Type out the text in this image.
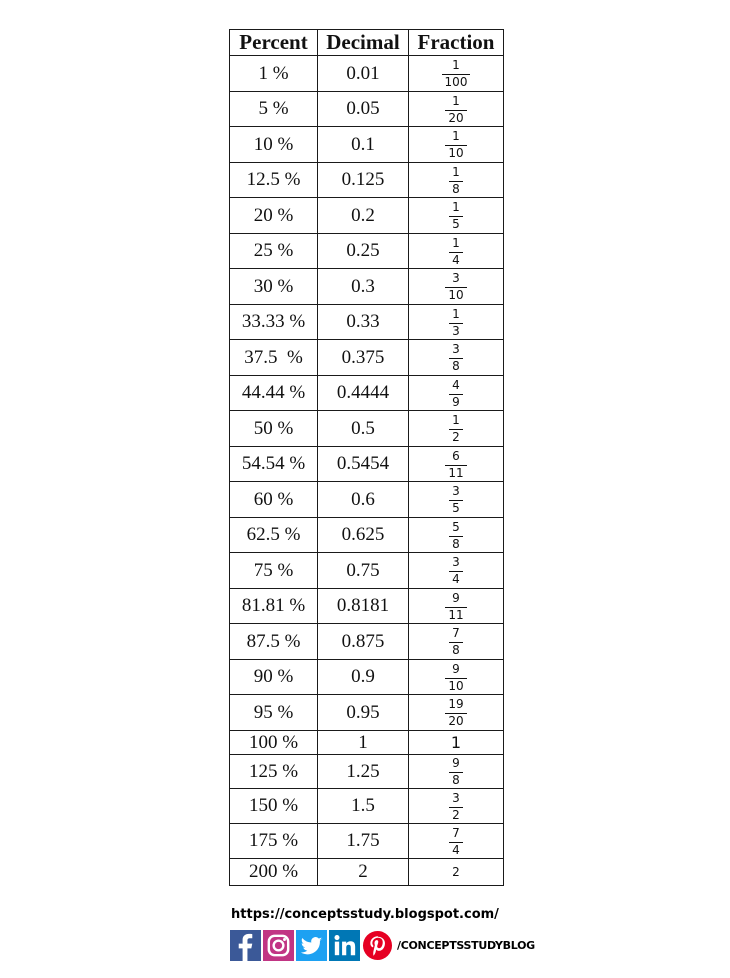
Percent	Decimal	Fraction
1 %	0.01	$\frac{1}{100}$

5 %	0.05	$\frac{1}{20}$

10 %	0.1	$\frac{1}{10}$

12.5 %	0.125	$\frac{1}{8}$

20 %	0.2	$\frac{1}{5}$

25 %	0.25	$\frac{1}{4}$

30 %	0.3	$\frac{3}{10}$

33.33 %	0.33	$\frac{1}{3}$

37.5  %	0.375	$\frac{3}{8}$

44.44 %	0.4444	$\frac{4}{9}$

50 %	0.5	$\frac{1}{2}$

54.54 %	0.5454	$\frac{6}{11}$

60 %	0.6	$\frac{3}{5}$

62.5 %	0.625	$\frac{5}{8}$

75 %	0.75	$\frac{3}{4}$

81.81 %	0.8181	$\frac{9}{11}$

87.5 %	0.875	$\frac{7}{8}$

90 %	0.9	$\frac{9}{10}$

95 %	0.95	$\frac{19}{20}$

100 %	1	1
125 %	1.25	$\frac{9}{8}$

150 %	1.5	$\frac{3}{2}$

175 %	1.75	$\frac{7}{4}$

200 %	2	2
https://conceptsstudy.blogspot.com/
/CONCEPTSSTUDYBLOG
